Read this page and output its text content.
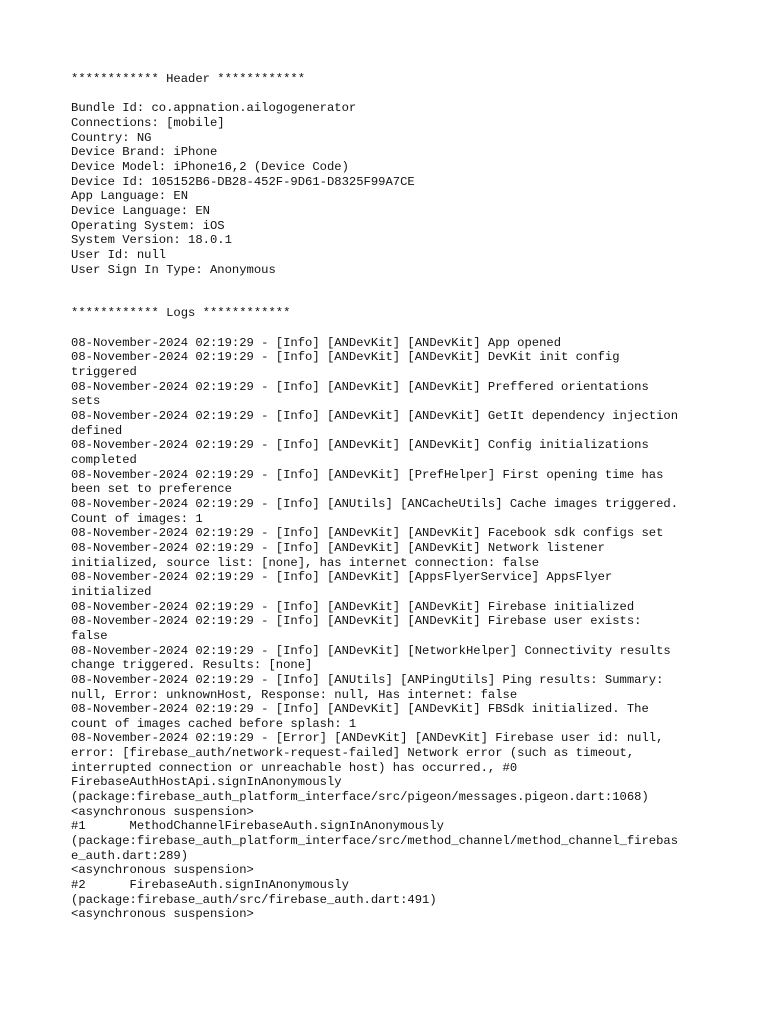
************ Header ************
Bundle Id: co.appnation.ailogogenerator
Connections: [mobile]
Country: NG
Device Brand: iPhone
Device Model: iPhone16,2 (Device Code)
Device Id: 105152B6-DB28-452F-9D61-D8325F99A7CE
App Language: EN
Device Language: EN
Operating System: iOS
System Version: 18.0.1
User Id: null
User Sign In Type: Anonymous
************ Logs ************
08-November-2024 02:19:29 - [Info] [ANDevKit] [ANDevKit] App opened
08-November-2024 02:19:29 - [Info] [ANDevKit] [ANDevKit] DevKit init config
triggered
08-November-2024 02:19:29 - [Info] [ANDevKit] [ANDevKit] Preffered orientations
sets
08-November-2024 02:19:29 - [Info] [ANDevKit] [ANDevKit] GetIt dependency injection
defined
08-November-2024 02:19:29 - [Info] [ANDevKit] [ANDevKit] Config initializations
completed
08-November-2024 02:19:29 - [Info] [ANDevKit] [PrefHelper] First opening time has
been set to preference
08-November-2024 02:19:29 - [Info] [ANUtils] [ANCacheUtils] Cache images triggered.
Count of images: 1
08-November-2024 02:19:29 - [Info] [ANDevKit] [ANDevKit] Facebook sdk configs set
08-November-2024 02:19:29 - [Info] [ANDevKit] [ANDevKit] Network listener
initialized, source list: [none], has internet connection: false
08-November-2024 02:19:29 - [Info] [ANDevKit] [AppsFlyerService] AppsFlyer
initialized
08-November-2024 02:19:29 - [Info] [ANDevKit] [ANDevKit] Firebase initialized
08-November-2024 02:19:29 - [Info] [ANDevKit] [ANDevKit] Firebase user exists:
false
08-November-2024 02:19:29 - [Info] [ANDevKit] [NetworkHelper] Connectivity results
change triggered. Results: [none]
08-November-2024 02:19:29 - [Info] [ANUtils] [ANPingUtils] Ping results: Summary:
null, Error: unknownHost, Response: null, Has internet: false
08-November-2024 02:19:29 - [Info] [ANDevKit] [ANDevKit] FBSdk initialized. The
count of images cached before splash: 1
08-November-2024 02:19:29 - [Error] [ANDevKit] [ANDevKit] Firebase user id: null,
error: [firebase_auth/network-request-failed] Network error (such as timeout,
interrupted connection or unreachable host) has occurred., #0
FirebaseAuthHostApi.signInAnonymously
(package:firebase_auth_platform_interface/src/pigeon/messages.pigeon.dart:1068)
<asynchronous suspension>
#1      MethodChannelFirebaseAuth.signInAnonymously
(package:firebase_auth_platform_interface/src/method_channel/method_channel_firebas
e_auth.dart:289)
<asynchronous suspension>
#2      FirebaseAuth.signInAnonymously
(package:firebase_auth/src/firebase_auth.dart:491)
<asynchronous suspension>
